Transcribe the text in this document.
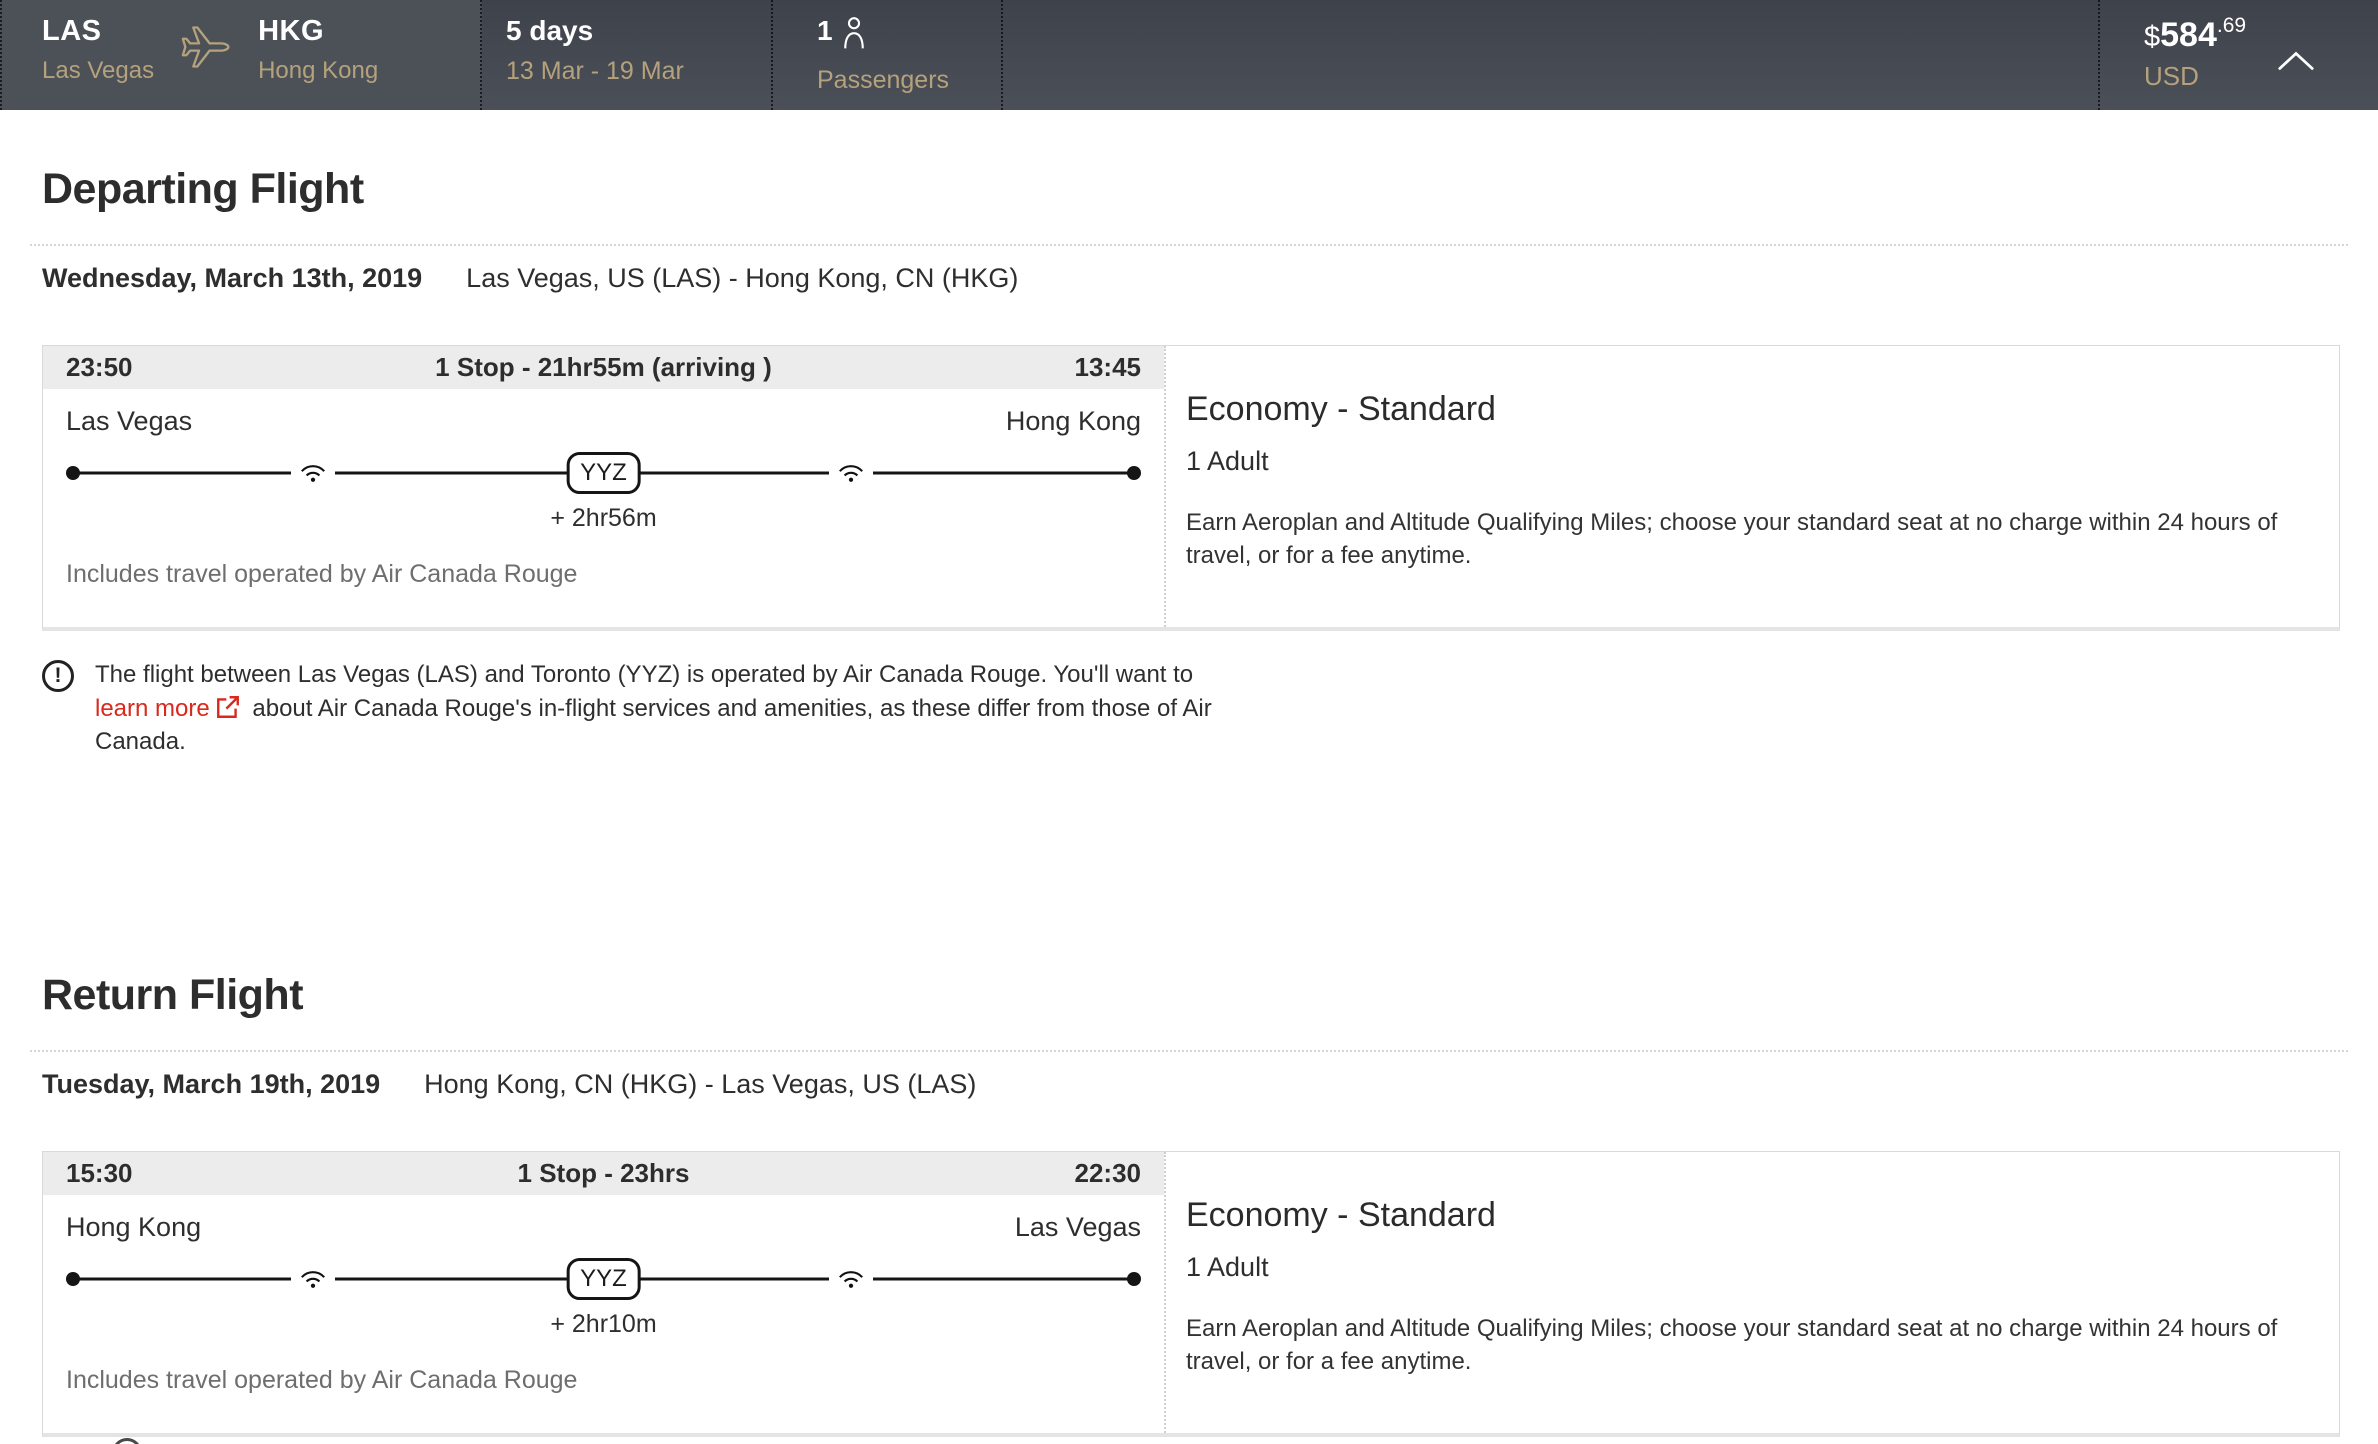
LAS
Las Vegas
HKG
Hong Kong
5 days
13 Mar - 19 Mar
1
Passengers
$\$584^{.69}$
USD
Departing Flight
Wednesday, March 13th, 2019 Las Vegas, US (LAS) - Hong Kong, CN (HKG)
23:50	1 Stop - 21hr55m (arriving )	13:45
Las Vegas	Hong Kong
YYZ
+ 2hr56m
Includes travel operated by Air Canada Rouge
Economy - Standard
1 Adult

Earn Aeroplan and Altitude Qualifying Miles; choose your standard seat at no charge within 24 hours of travel, or for a fee anytime.

!	The flight between Las Vegas (LAS) and Toronto (YYZ) is operated by Air Canada Rouge. You'll want to learn more about Air Canada Rouge's in-flight services and amenities, as these differ from those of Air Canada.

Return Flight
Tuesday, March 19th, 2019 Hong Kong, CN (HKG) - Las Vegas, US (LAS)
15:30	1 Stop - 23hrs	22:30
Hong Kong	Las Vegas
YYZ
+ 2hr10m
Includes travel operated by Air Canada Rouge
Economy - Standard
1 Adult

Earn Aeroplan and Altitude Qualifying Miles; choose your standard seat at no charge within 24 hours of travel, or for a fee anytime.
